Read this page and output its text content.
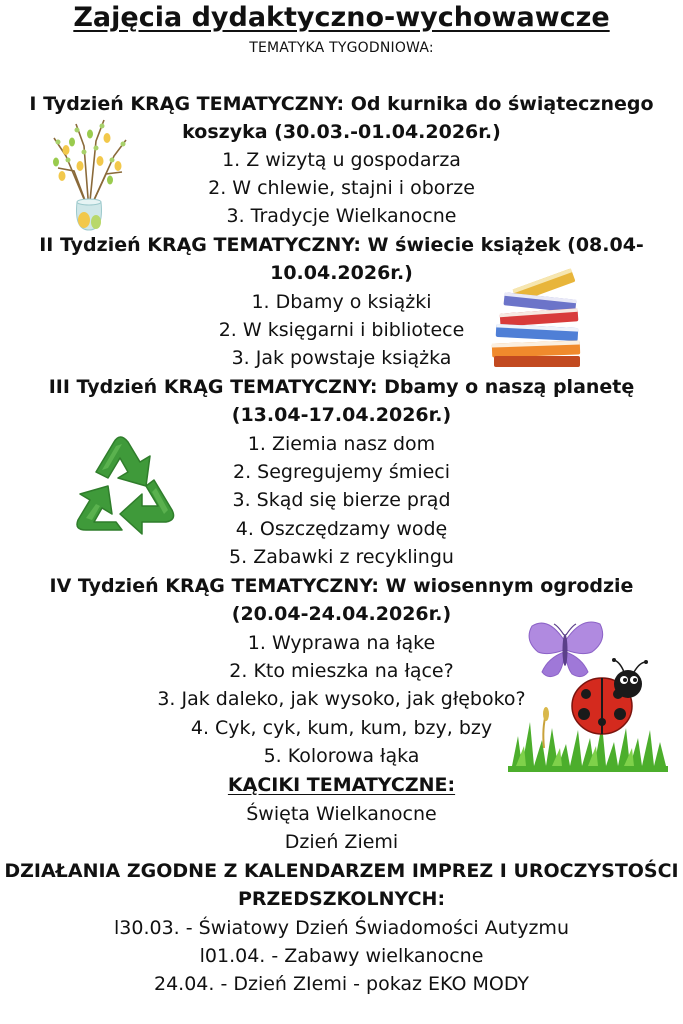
Zajęcia dydaktyczno-wychowawcze
TEMATYKA TYGODNIOWA:
I Tydzień KRĄG TEMATYCZNY: Od kurnika do świątecznego
koszyka (30.03.-01.04.2026r.)
1. Z wizytą u gospodarza
2. W chlewie, stajni i oborze
3. Tradycje Wielkanocne
II Tydzień KRĄG TEMATYCZNY: W świecie książek (08.04-
10.04.2026r.)
1. Dbamy o książki
2. W księgarni i bibliotece
3. Jak powstaje książka
III Tydzień KRĄG TEMATYCZNY: Dbamy o naszą planetę
(13.04-17.04.2026r.)
1. Ziemia nasz dom
2. Segregujemy śmieci
3. Skąd się bierze prąd
4. Oszczędzamy wodę
5. Zabawki z recyklingu
IV Tydzień KRĄG TEMATYCZNY: W wiosennym ogrodzie
(20.04-24.04.2026r.)
1. Wyprawa na łąke
2. Kto mieszka na łące?
3. Jak daleko, jak wysoko, jak głęboko?
4. Cyk, cyk, kum, kum, bzy, bzy
5. Kolorowa łąka
KĄCIKI TEMATYCZNE:
Święta Wielkanocne
Dzień Ziemi
DZIAŁANIA ZGODNE Z KALENDARZEM IMPREZ I UROCZYSTOŚCI
PRZEDSZKOLNYCH:
l30.03. - Światowy Dzień Świadomości Autyzmu
l01.04. - Zabawy wielkanocne
24.04. - Dzień ZIemi - pokaz EKO MODY
